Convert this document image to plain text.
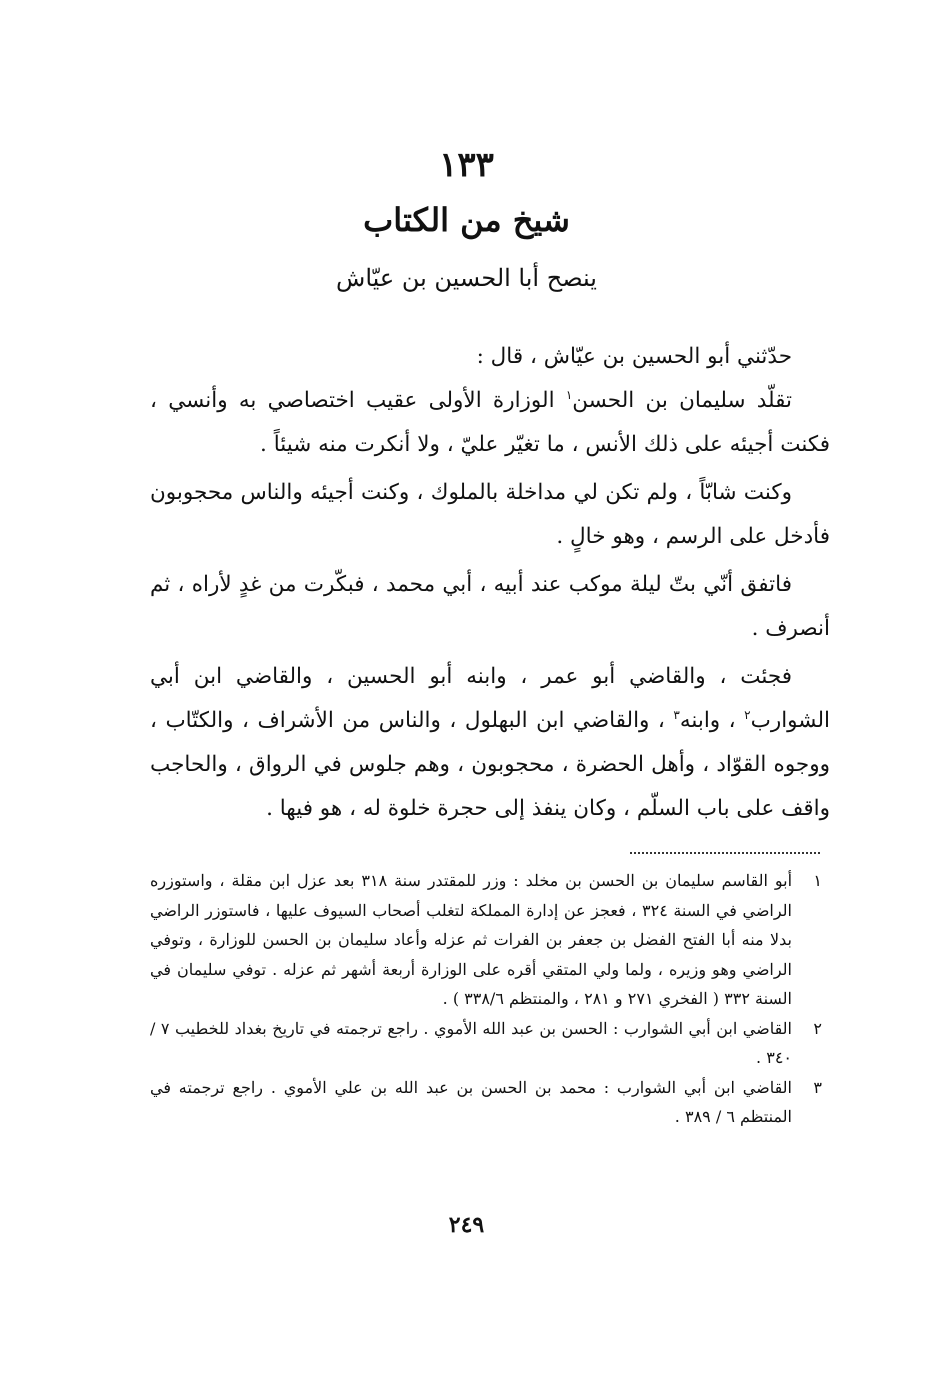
١٣٣
شيخ من الكتاب
ينصح أبا الحسين بن عيّاش

حدّثني أبو الحسين بن عيّاش ، قال :

تقلّد سليمان بن الحسن$^١$ الوزارة الأولى عقيب اختصاصي به وأنسي ، فكنت أجيئه على ذلك الأنس ، ما تغيّر عليّ ، ولا أنكرت منه شيئاً .

وكنت شابّاً ، ولم تكن لي مداخلة بالملوك ، وكنت أجيئه والناس محجوبون فأدخل على الرسم ، وهو خالٍ .

فاتفق أنّي بتّ ليلة موكب عند أبيه ، أبي محمد ، فبكّرت من غدٍ لأراه ، ثم أنصرف .

فجئت ، والقاضي أبو عمر ، وابنه أبو الحسين ، والقاضي ابن أبي الشوارب$^٢$ ، وابنه$^٣$ ، والقاضي ابن البهلول ، والناس من الأشراف ، والكتّاب ، ووجوه القوّاد ، وأهل الحضرة ، محجوبون ، وهم جلوس في الرواق ، والحاجب واقف على باب السلّم ، وكان ينفذ إلى حجرة خلوة له ، هو فيها .

١
أبو القاسم سليمان بن الحسن بن مخلد : وزر للمقتدر سنة ٣١٨ بعد عزل ابن مقلة ، واستوزره الراضي في السنة ٣٢٤ ، فعجز عن إدارة المملكة لتغلب أصحاب السيوف عليها ، فاستوزر الراضي بدلا منه أبا الفتح الفضل بن جعفر بن الفرات ثم عزله وأعاد سليمان بن الحسن للوزارة ، وتوفي الراضي وهو وزيره ، ولما ولي المتقي أقره على الوزارة أربعة أشهر ثم عزله . توفي سليمان في السنة ٣٣٢ ( الفخري ٢٧١ و ٢٨١ ، والمنتظم ٣٣٨/٦ ) .

٢
القاضي ابن أبي الشوارب : الحسن بن عبد الله الأموي . راجع ترجمته في تاريخ بغداد للخطيب ٧ / ٣٤٠ .

٣
القاضي ابن أبي الشوارب : محمد بن الحسن بن عبد الله بن علي الأموي . راجع ترجمته في المنتظم ٦ / ٣٨٩ .

٢٤٩
